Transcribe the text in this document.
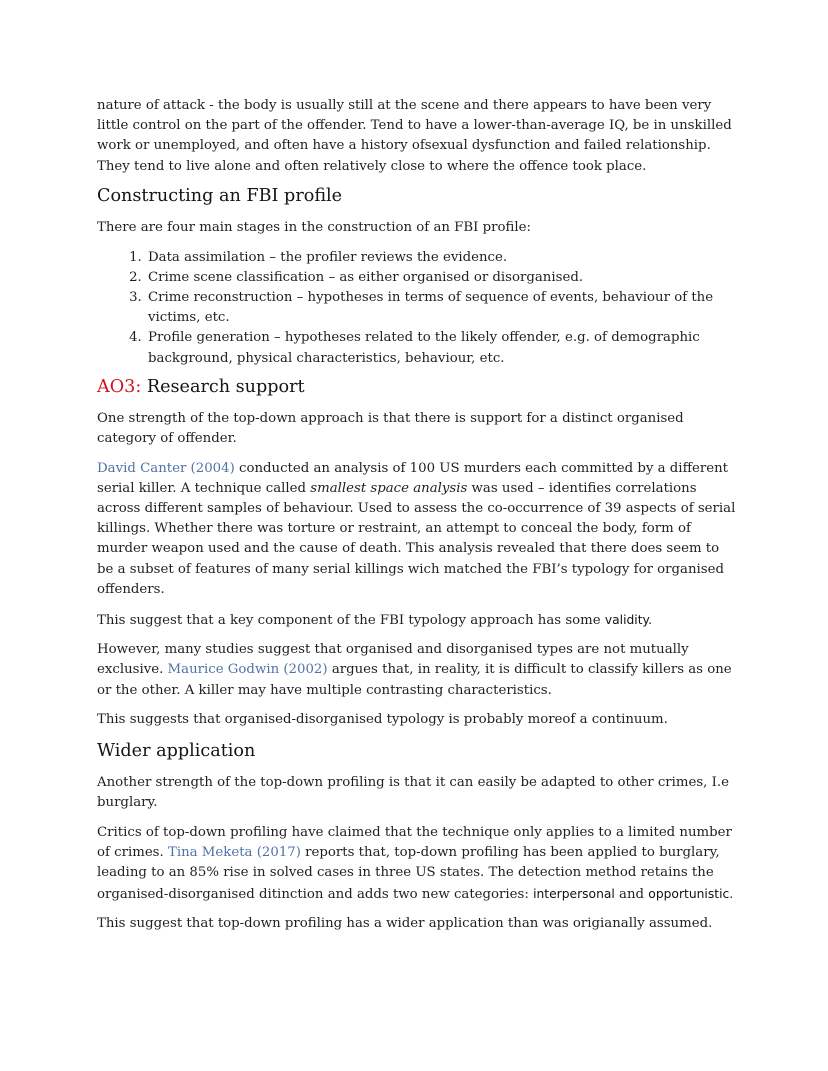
nature of attack - the body is usually still at the scene and there appears to have been very little control on the part of the offender. Tend to have a lower-than-average IQ, be in unskilled work or unemployed, and often have a history ofsexual dysfunction and failed relationship. They tend to live alone and often relatively close to where the offence took place.

Constructing an FBI profile

There are four main stages in the construction of an FBI profile:

1. Data assimilation – the profiler reviews the evidence.
2. Crime scene classification – as either organised or disorganised.
3. Crime reconstruction – hypotheses in terms of sequence of events, behaviour of the victims, etc.
4. Profile generation – hypotheses related to the likely offender, e.g. of demographic background, physical characteristics, behaviour, etc.
AO3: Research support

One strength of the top-down approach is that there is support for a distinct organised category of offender.

David Canter (2004) conducted an analysis of 100 US murders each committed by a different serial killer. A technique called smallest space analysis was used – identifies correlations across different samples of behaviour. Used to assess the co-occurrence of 39 aspects of serial killings. Whether there was torture or restraint, an attempt to conceal the body, form of murder weapon used and the cause of death. This analysis revealed that there does seem to be a subset of features of many serial killings wich matched the FBI’s typology for organised offenders.

This suggest that a key component of the FBI typology approach has some validity.

However, many studies suggest that organised and disorganised types are not mutually exclusive. Maurice Godwin (2002) argues that, in reality, it is difficult to classify killers as one or the other. A killer may have multiple contrasting characteristics.

This suggests that organised-disorganised typology is probably moreof a continuum.

Wider application

Another strength of the top-down profiling is that it can easily be adapted to other crimes, I.e burglary.

Critics of top-down profiling have claimed that the technique only applies to a limited number of crimes. Tina Meketa (2017) reports that, top-down profiling has been applied to burglary, leading to an 85% rise in solved cases in three US states. The detection method retains the organised-disorganised ditinction and adds two new categories: interpersonal and opportunistic.

This suggest that top-down profiling has a wider application than was origianally assumed.
